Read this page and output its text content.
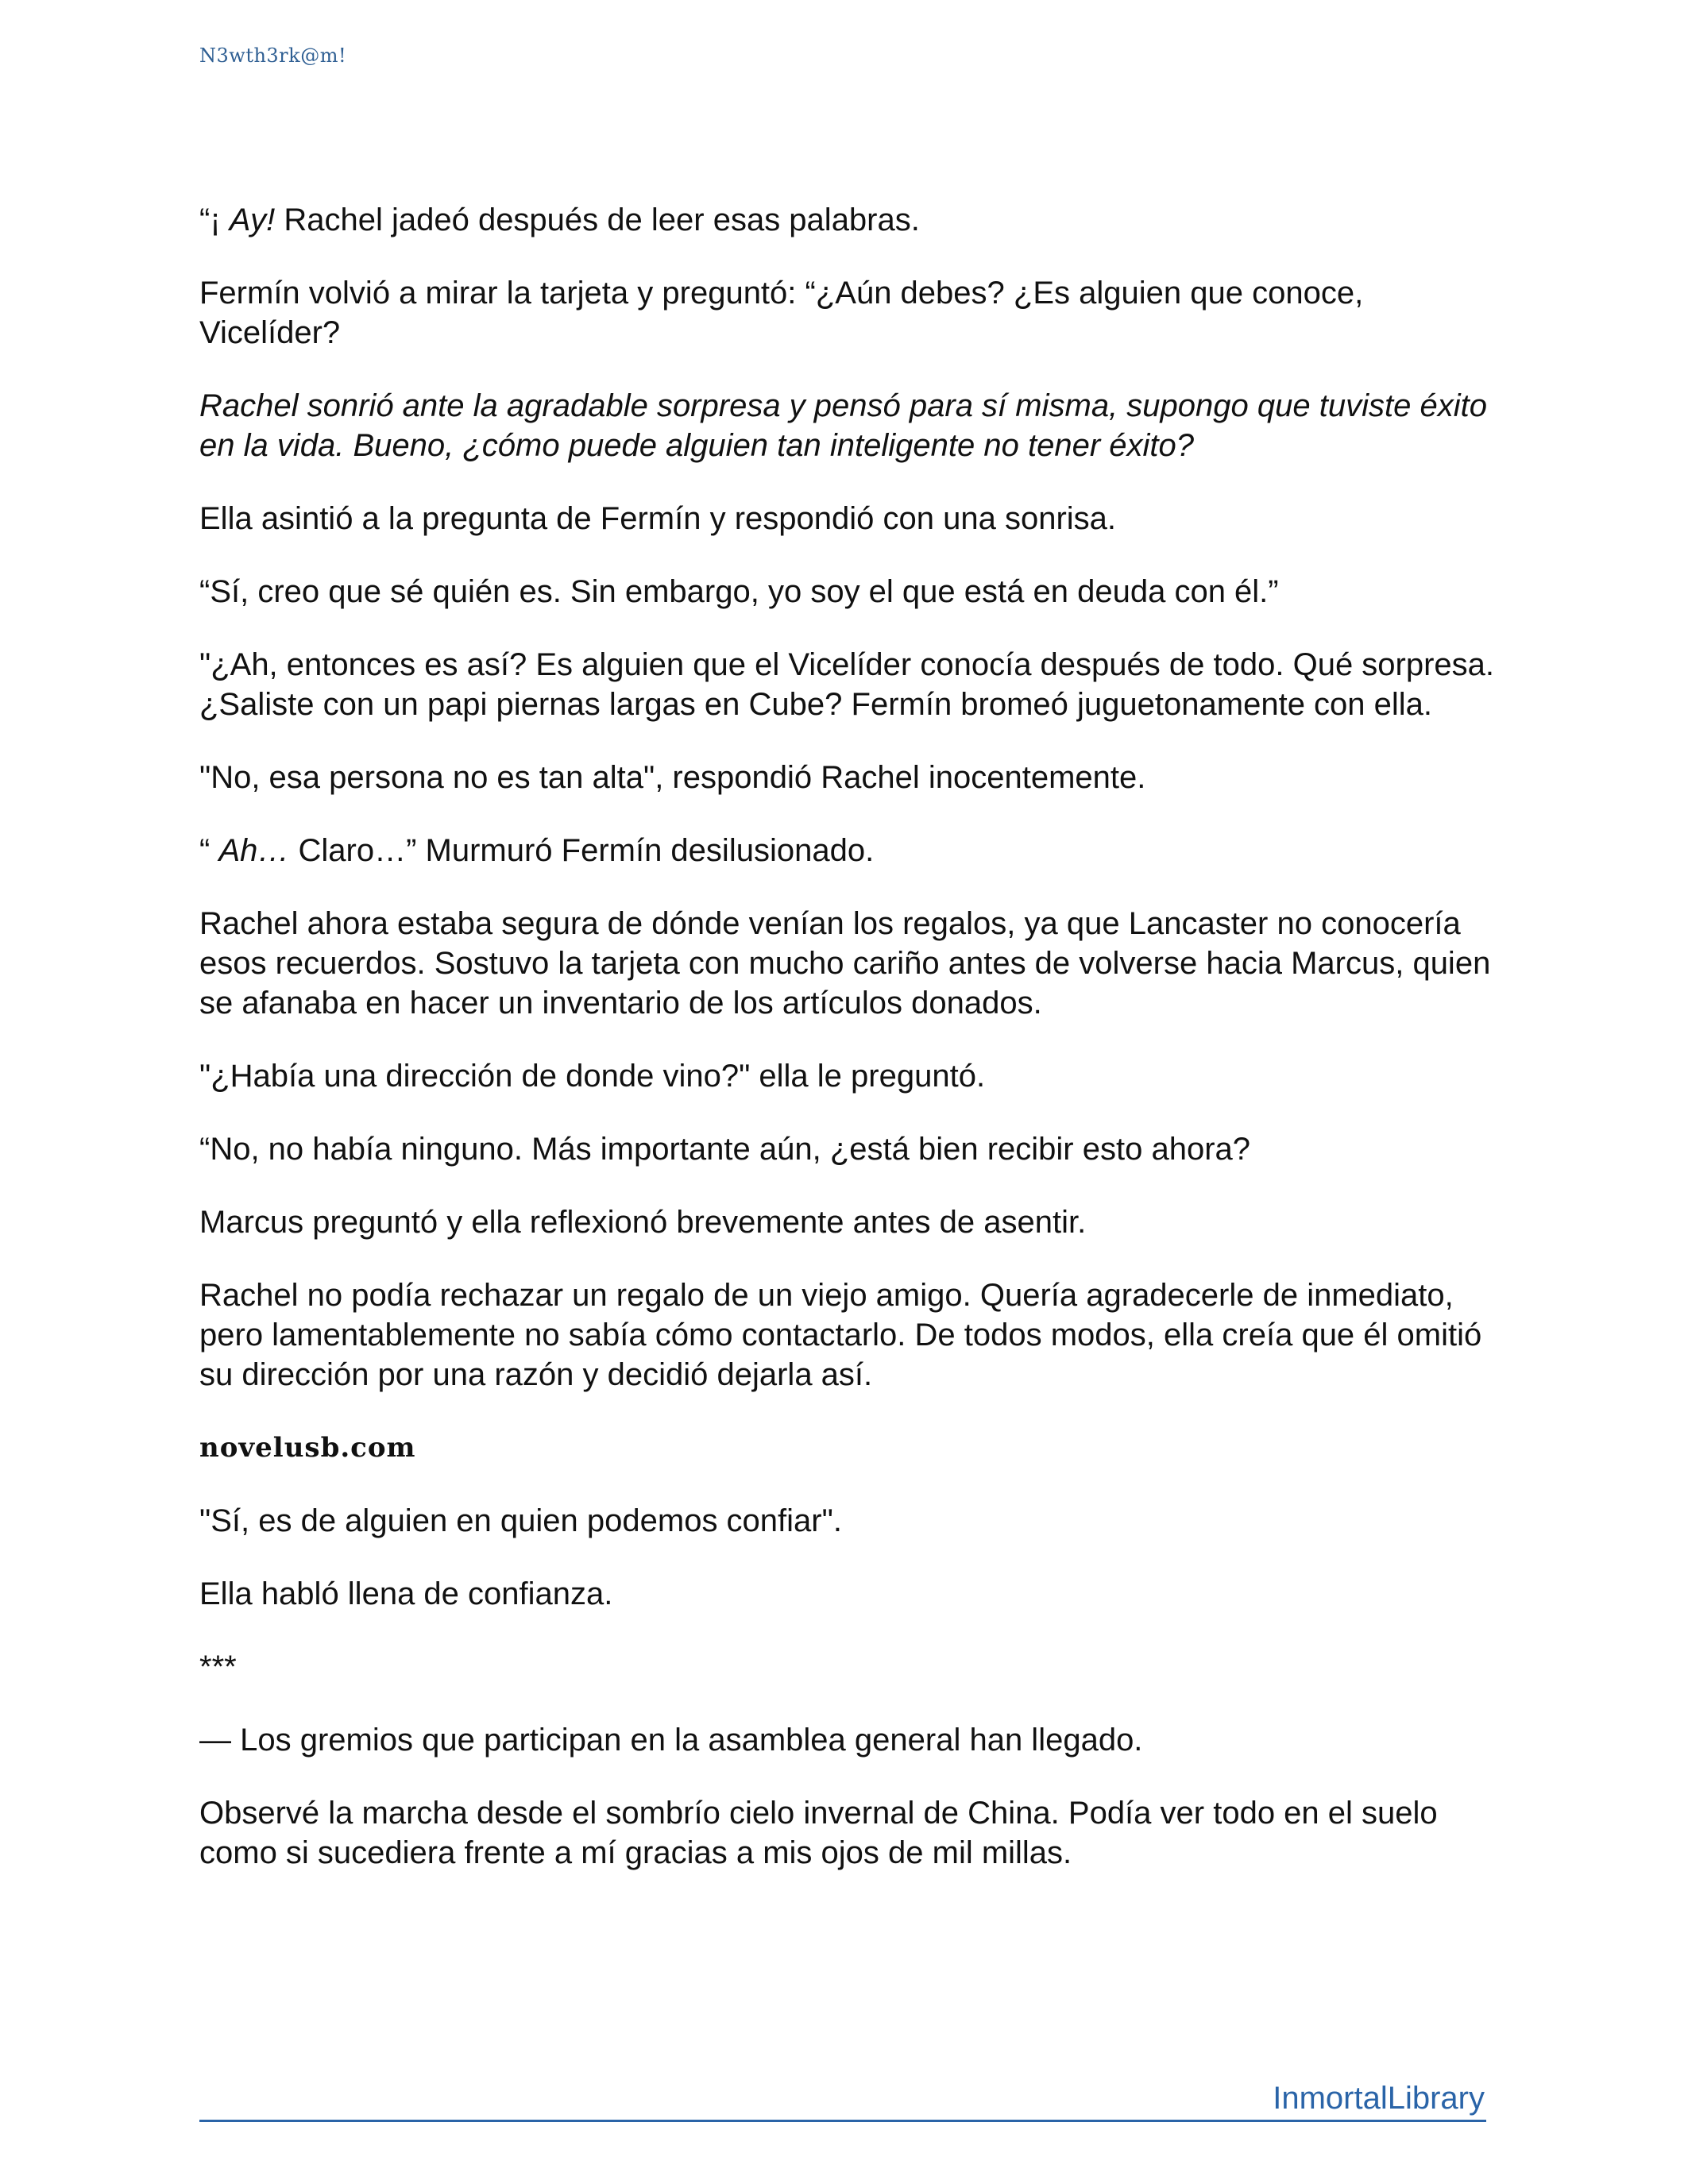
N3wth3rk@m!

“¡ Ay! Rachel jadeó después de leer esas palabras.

Fermín volvió a mirar la tarjeta y preguntó: “¿Aún debes? ¿Es alguien que conoce, Vicelíder?

Rachel sonrió ante la agradable sorpresa y pensó para sí misma, supongo que tuviste éxito en la vida. Bueno, ¿cómo puede alguien tan inteligente no tener éxito?

Ella asintió a la pregunta de Fermín y respondió con una sonrisa.

“Sí, creo que sé quién es. Sin embargo, yo soy el que está en deuda con él.”

"¿Ah, entonces es así? Es alguien que el Vicelíder conocía después de todo. Qué sorpresa. ¿Saliste con un papi piernas largas en Cube? Fermín bromeó juguetonamente con ella.

"No, esa persona no es tan alta", respondió Rachel inocentemente.

“ Ah… Claro…” Murmuró Fermín desilusionado.

Rachel ahora estaba segura de dónde venían los regalos, ya que Lancaster no conocería esos recuerdos. Sostuvo la tarjeta con mucho cariño antes de volverse hacia Marcus, quien se afanaba en hacer un inventario de los artículos donados.

"¿Había una dirección de donde vino?" ella le preguntó.

“No, no había ninguno. Más importante aún, ¿está bien recibir esto ahora?

Marcus preguntó y ella reflexionó brevemente antes de asentir.

Rachel no podía rechazar un regalo de un viejo amigo. Quería agradecerle de inmediato, pero lamentablemente no sabía cómo contactarlo. De todos modos, ella creía que él omitió su dirección por una razón y decidió dejarla así.

novelusb.com

"Sí, es de alguien en quien podemos confiar".

Ella habló llena de confianza.

***

— Los gremios que participan en la asamblea general han llegado.

Observé la marcha desde el sombrío cielo invernal de China. Podía ver todo en el suelo como si sucediera frente a mí gracias a mis ojos de mil millas.

InmortalLibrary
